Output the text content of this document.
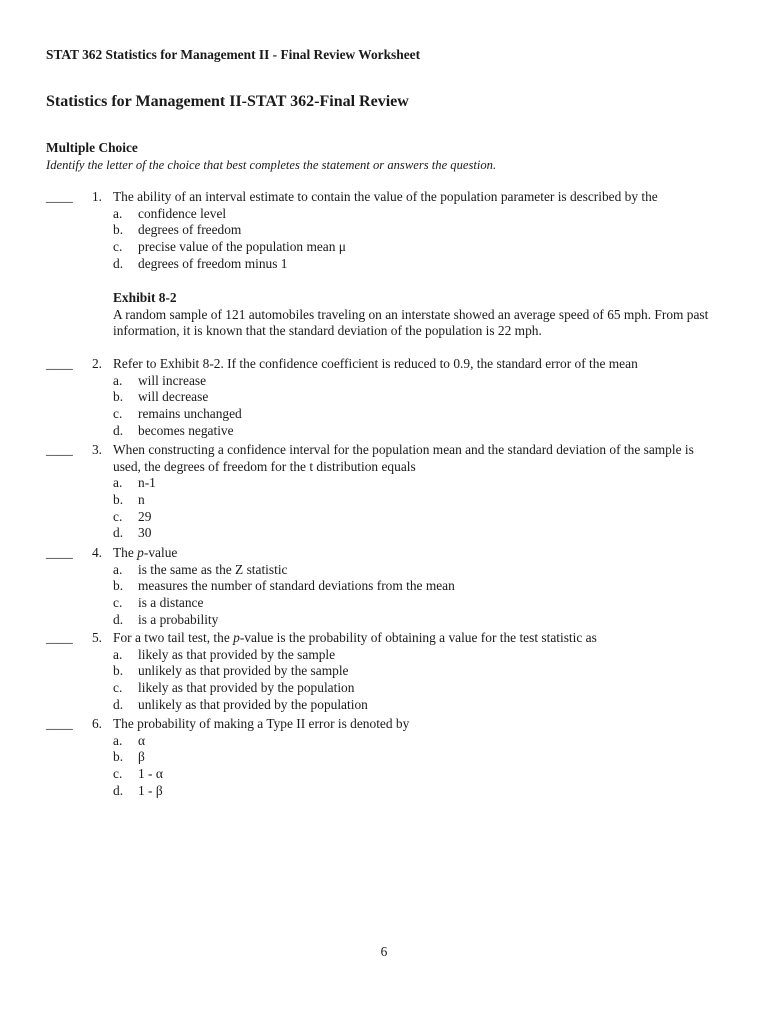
STAT 362 Statistics for Management II - Final Review Worksheet
Statistics for Management II-STAT 362-Final Review
Multiple Choice
Identify the letter of the choice that best completes the statement or answers the question.
____	1. The ability of an interval estimate to contain the value of the population parameter is described by the
a. confidence level
b. degrees of freedom
c. precise value of the population mean μ
d. degrees of freedom minus 1
Exhibit 8-2
A random sample of 121 automobiles traveling on an interstate showed an average speed of 65 mph. From past information, it is known that the standard deviation of the population is 22 mph.
____	2. Refer to Exhibit 8-2. If the confidence coefficient is reduced to 0.9, the standard error of the mean
a. will increase
b. will decrease
c. remains unchanged
d. becomes negative
____	3. When constructing a confidence interval for the population mean and the standard deviation of the sample is used, the degrees of freedom for the t distribution equals
a. n-1
b. n
c. 29
d. 30
____	4. The p-value
a. is the same as the Z statistic
b. measures the number of standard deviations from the mean
c. is a distance
d. is a probability
____	5. For a two tail test, the p-value is the probability of obtaining a value for the test statistic as
a. likely as that provided by the sample
b. unlikely as that provided by the sample
c. likely as that provided by the population
d. unlikely as that provided by the population
____	6. The probability of making a Type II error is denoted by
a. α
b. β
c. 1 - α
d. 1 - β
6
